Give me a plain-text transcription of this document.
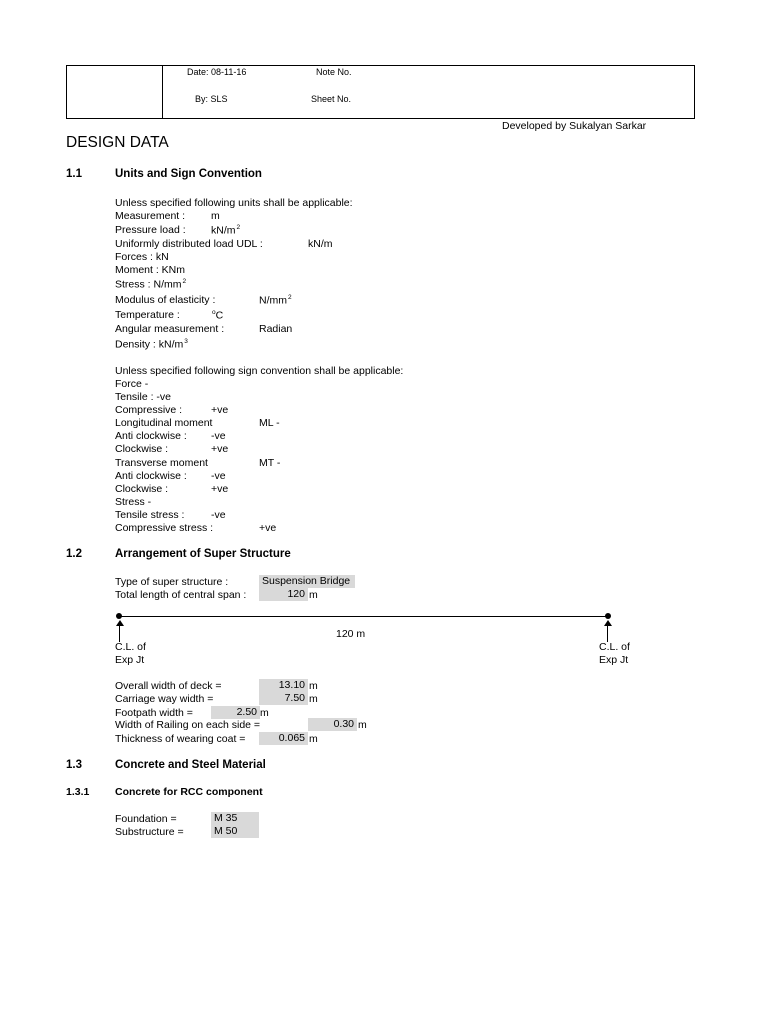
Date: 08-11-16	Note No.
By: SLS	Sheet No.
Developed by Sukalyan Sarkar
DESIGN DATA
1.1	Units and Sign Convention
Unless specified following units shall be applicable:
Measurement : m
Pressure load : $kN/m^2$
Uniformly distributed load UDL :	kN/m
Forces : kN
Moment : KNm
Stress : $N/mm^2$
Modulus of elasticity :	$N/mm^2$
Temperature :	$^o$C
Angular measurement :	Radian
Density : $kN/m^3$
Unless specified following sign convention shall be applicable:
Force -
Tensile : -ve
Compressive :	+ve
Longitudinal moment	ML -
Anti clockwise : -ve
Clockwise :	+ve
Transverse moment	MT -
Anti clockwise : -ve
Clockwise :	+ve
Stress -
Tensile stress :	-ve
Compressive stress :	+ve
1.2	Arrangement of Super Structure
Type of super structure :	Suspension Bridge
Total length of central span :	120 m
120 m
C.L. of
Exp Jt
C.L. of
Exp Jt
Overall width of deck =	13.10 m
Carriage way width =	7.50 m
Footpath width =	2.50 m
Width of Railing on each side =	0.30 m
Thickness of wearing coat =	0.065 m
1.3	Concrete and Steel Material
1.3.1 Concrete for RCC component
Foundation =	M 35
Substructure =	M 50
